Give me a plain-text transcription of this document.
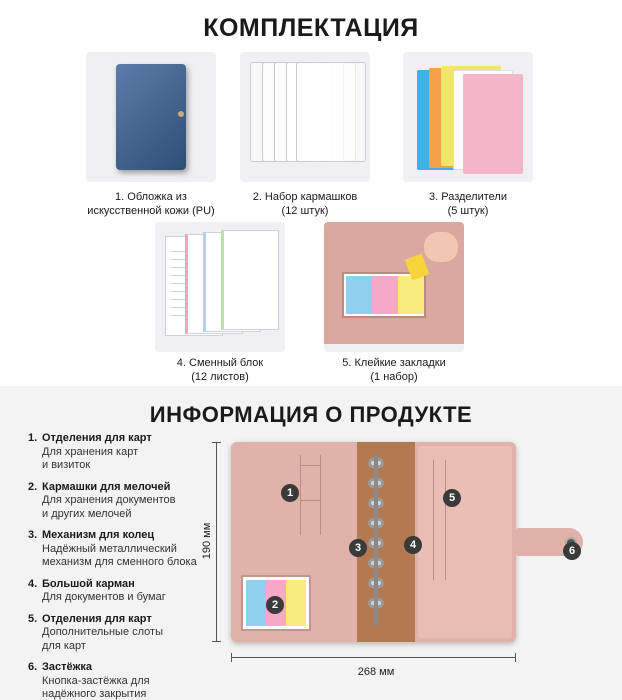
КОМПЛЕКТАЦИЯ
1. Обложка из
искусственной кожи (PU)
2. Набор кармашков
(12 штук)
3. Разделители
(5 штук)
4. Сменный блок
(12 листов)
5. Клейкие закладки
(1 набор)
ИНФОРМАЦИЯ О ПРОДУКТЕ
1. Отделения для карт
Для хранения карт
и визиток
2. Кармашки для мелочей
Для хранения документов
и других мелочей
3. Механизм для колец
Надёжный металлический
механизм для сменного блока
4. Большой карман
Для документов и бумаг
5. Отделения для карт
Дополнительные слоты
для карт
6. Застёжка
Кнопка-застёжка для
надёжного закрытия
1
2
3	4
5
6
190 мм
268 мм
